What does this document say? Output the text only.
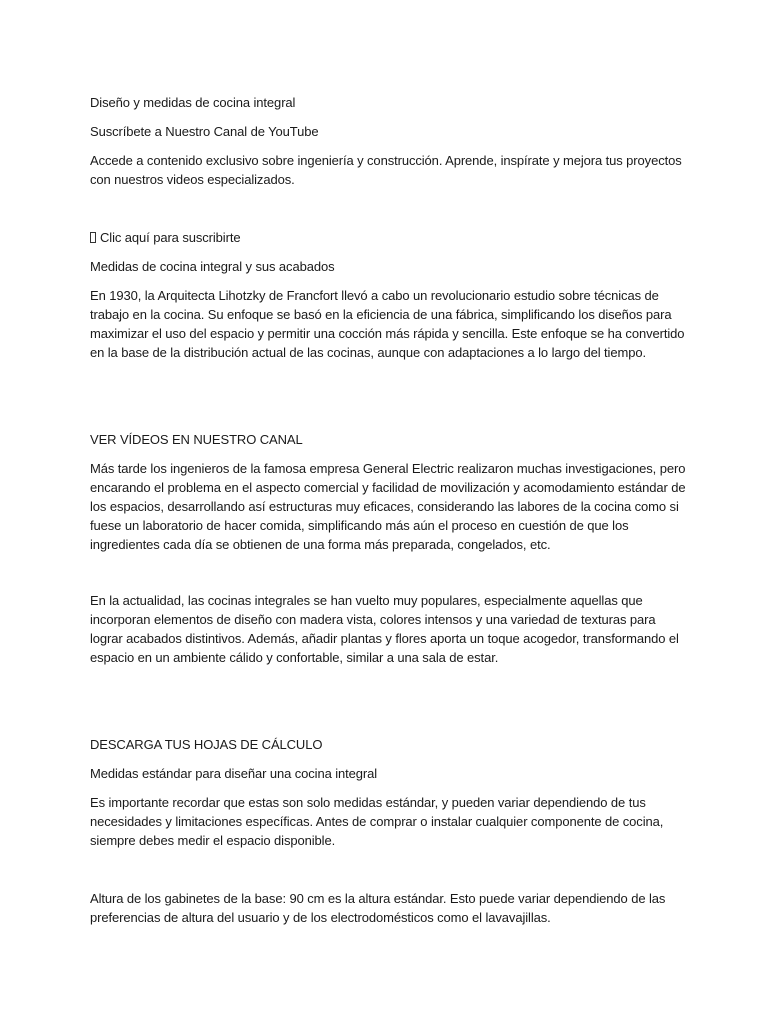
Diseño y medidas de cocina integral

Suscríbete a Nuestro Canal de YouTube

Accede a contenido exclusivo sobre ingeniería y construcción. Aprende, inspírate y mejora tus proyectos con nuestros videos especializados.

Clic aquí para suscribirte

Medidas de cocina integral y sus acabados

En 1930, la Arquitecta Lihotzky de Francfort llevó a cabo un revolucionario estudio sobre técnicas de trabajo en la cocina. Su enfoque se basó en la eficiencia de una fábrica, simplificando los diseños para maximizar el uso del espacio y permitir una cocción más rápida y sencilla. Este enfoque se ha convertido en la base de la distribución actual de las cocinas, aunque con adaptaciones a lo largo del tiempo.

VER VÍDEOS EN NUESTRO CANAL

Más tarde los ingenieros de la famosa empresa General Electric realizaron muchas investigaciones, pero encarando el problema en el aspecto comercial y facilidad de movilización y acomodamiento estándar de los espacios, desarrollando así estructuras muy eficaces, considerando las labores de la cocina como si fuese un laboratorio de hacer comida, simplificando más aún el proceso en cuestión de que los ingredientes cada día se obtienen de una forma más preparada, congelados, etc.

En la actualidad, las cocinas integrales se han vuelto muy populares, especialmente aquellas que incorporan elementos de diseño con madera vista, colores intensos y una variedad de texturas para lograr acabados distintivos. Además, añadir plantas y flores aporta un toque acogedor, transformando el espacio en un ambiente cálido y confortable, similar a una sala de estar.

DESCARGA TUS HOJAS DE CÁLCULO

Medidas estándar para diseñar una cocina integral

Es importante recordar que estas son solo medidas estándar, y pueden variar dependiendo de tus necesidades y limitaciones específicas. Antes de comprar o instalar cualquier componente de cocina, siempre debes medir el espacio disponible.

Altura de los gabinetes de la base: 90 cm es la altura estándar. Esto puede variar dependiendo de las preferencias de altura del usuario y de los electrodomésticos como el lavavajillas.
